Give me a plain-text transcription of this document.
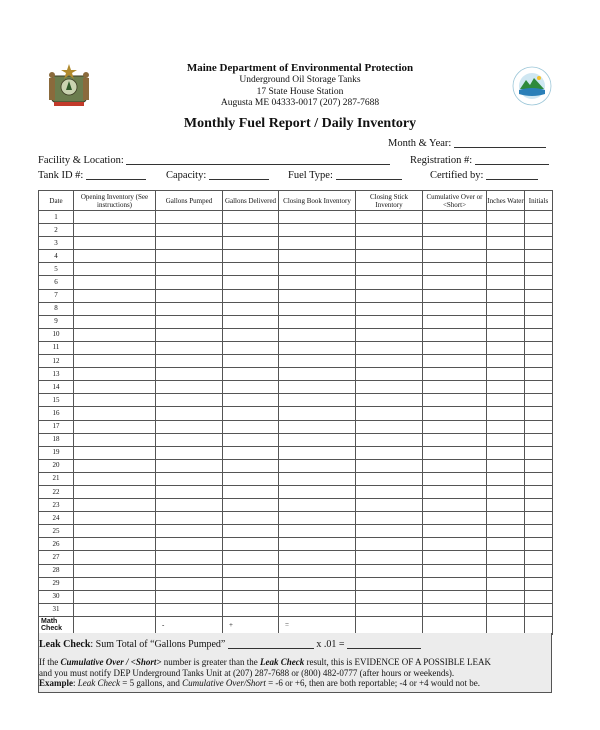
Maine Department of Environmental Protection
Underground Oil Storage Tanks
17 State House Station
Augusta ME 04333-0017 (207) 287-7688
Monthly Fuel Report / Daily Inventory
Month & Year:
Facility & Location:	Registration #:
Tank ID #:	Capacity:	Fuel Type:	Certified by:
Date	Opening Inventory (See instructions)	Gallons Pumped	Gallons Delivered	Closing Book Inventory	Closing Stick Inventory	Cumulative Over or <Short>	Inches Water	Initials
1								
2								
3								
4								
5								
6								
7								
8								
9								
10								
11								
12								
13								
14								
15								
16								
17								
18								
19								
20								
21								
22								
23								
24								
25								
26								
27								
28								
29								
30								
31								
Math Check		-	+	=				
Leak Check: Sum Total of “Gallons Pumped”	x .01 =
If the Cumulative Over / <Short> number is greater than the Leak Check result, this is EVIDENCE OF A POSSIBLE LEAK
and you must notify DEP Underground Tanks Unit at (207) 287-7688 or (800) 482-0777 (after hours or weekends).
Example: Leak Check = 5 gallons, and Cumulative Over/Short = -6 or +6, then are both reportable; -4 or +4 would not be.
